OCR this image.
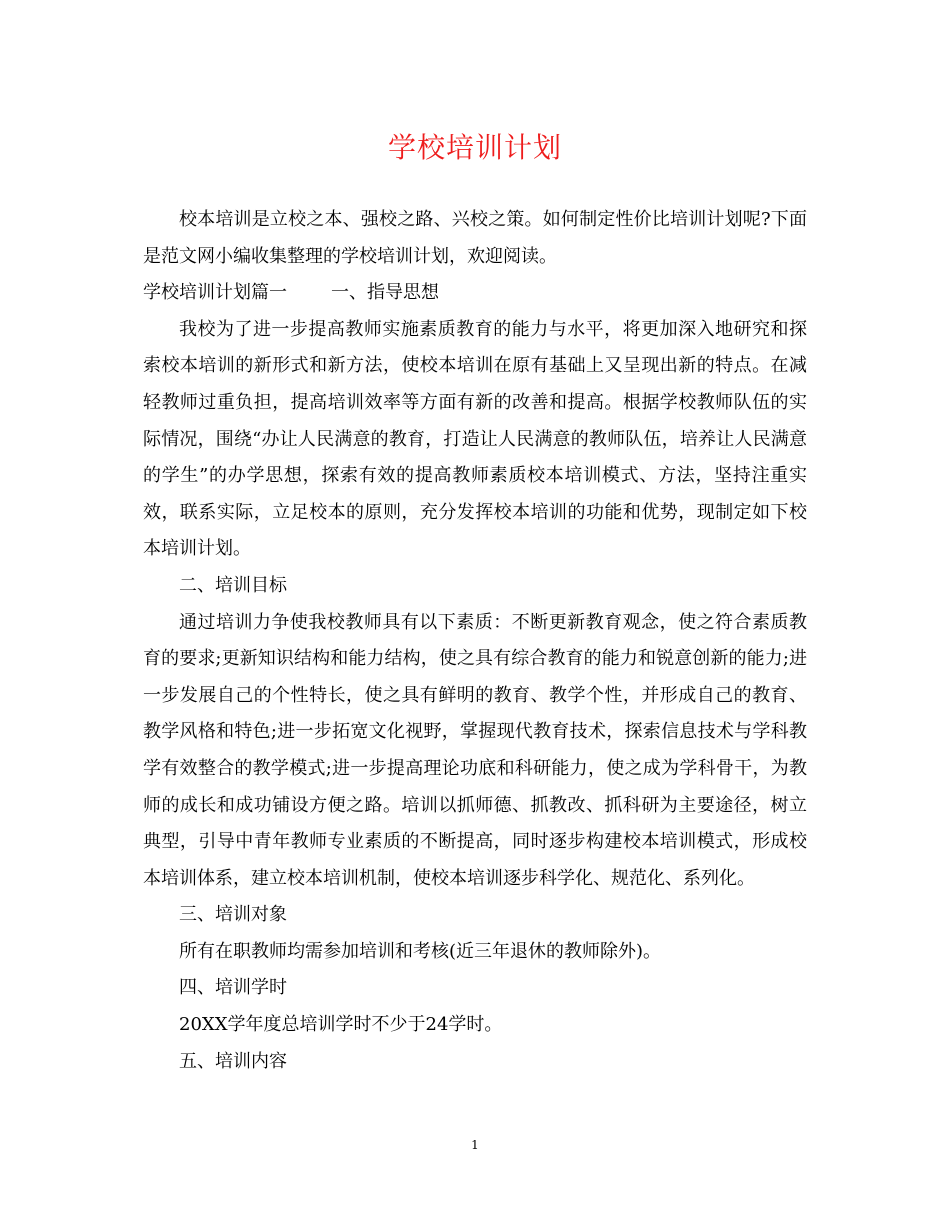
学校培训计划

校本培训是立校之本、强校之路、兴校之策。如何制定性价比培训计划呢?下面是范文网小编收集整理的学校培训计划，欢迎阅读。

学校培训计划篇一 一、指导思想

我校为了进一步提高教师实施素质教育的能力与水平，将更加深入地研究和探索校本培训的新形式和新方法，使校本培训在原有基础上又呈现出新的特点。在减轻教师过重负担，提高培训效率等方面有新的改善和提高。根据学校教师队伍的实际情况，围绕“办让人民满意的教育，打造让人民满意的教师队伍，培养让人民满意的学生”的办学思想，探索有效的提高教师素质校本培训模式、方法，坚持注重实效，联系实际，立足校本的原则，充分发挥校本培训的功能和优势，现制定如下校本培训计划。

二、培训目标

通过培训力争使我校教师具有以下素质：不断更新教育观念，使之符合素质教育的要求;更新知识结构和能力结构，使之具有综合教育的能力和锐意创新的能力;进一步发展自己的个性特长，使之具有鲜明的教育、教学个性，并形成自己的教育、教学风格和特色;进一步拓宽文化视野，掌握现代教育技术，探索信息技术与学科教学有效整合的教学模式;进一步提高理论功底和科研能力，使之成为学科骨干，为教师的成长和成功铺设方便之路。培训以抓师德、抓教改、抓科研为主要途径，树立典型，引导中青年教师专业素质的不断提高，同时逐步构建校本培训模式，形成校本培训体系，建立校本培训机制，使校本培训逐步科学化、规范化、系列化。

三、培训对象

所有在职教师均需参加培训和考核(近三年退休的教师除外)。

四、培训学时

20XX学年度总培训学时不少于24学时。

五、培训内容

1
